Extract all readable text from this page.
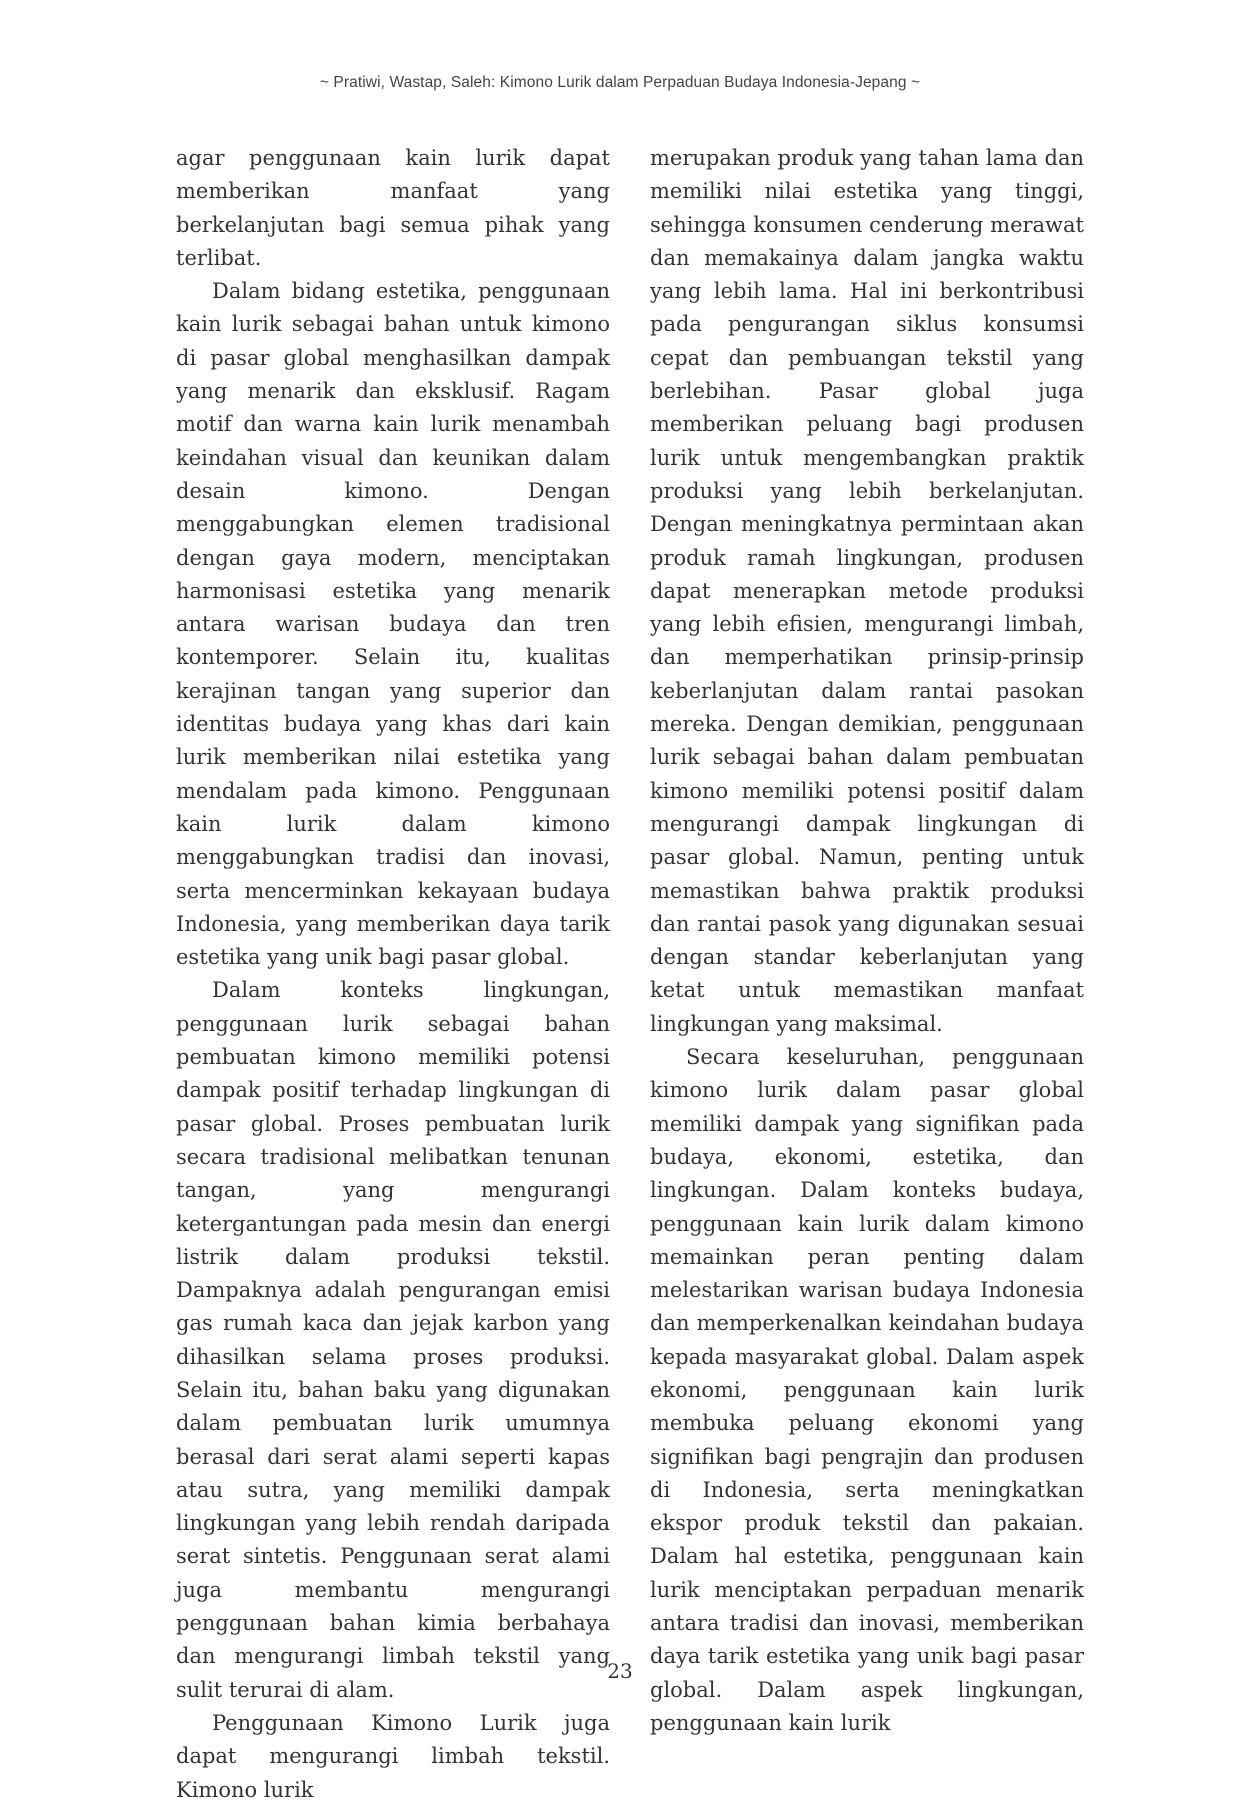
~ Pratiwi, Wastap, Saleh: Kimono Lurik dalam Perpaduan Budaya Indonesia-Jepang ~

agar penggunaan kain lurik dapat memberikan manfaat yang berkelanjutan bagi semua pihak yang terlibat.

Dalam bidang estetika, penggunaan kain lurik sebagai bahan untuk kimono di pasar global menghasilkan dampak yang menarik dan eksklusif. Ragam motif dan warna kain lurik menambah keindahan visual dan keunikan dalam desain kimono. Dengan menggabungkan elemen tradisional dengan gaya modern, menciptakan harmonisasi estetika yang menarik antara warisan budaya dan tren kontemporer. Selain itu, kualitas kerajinan tangan yang superior dan identitas budaya yang khas dari kain lurik memberikan nilai estetika yang mendalam pada kimono. Penggunaan kain lurik dalam kimono menggabungkan tradisi dan inovasi, serta mencerminkan kekayaan budaya Indonesia, yang memberikan daya tarik estetika yang unik bagi pasar global.

Dalam konteks lingkungan, penggunaan lurik sebagai bahan pembuatan kimono memiliki potensi dampak positif terhadap lingkungan di pasar global. Proses pembuatan lurik secara tradisional melibatkan tenunan tangan, yang mengurangi ketergantungan pada mesin dan energi listrik dalam produksi tekstil. Dampaknya adalah pengurangan emisi gas rumah kaca dan jejak karbon yang dihasilkan selama proses produksi. Selain itu, bahan baku yang digunakan dalam pembuatan lurik umumnya berasal dari serat alami seperti kapas atau sutra, yang memiliki dampak lingkungan yang lebih rendah daripada serat sintetis. Penggunaan serat alami juga membantu mengurangi penggunaan bahan kimia berbahaya dan mengurangi limbah tekstil yang sulit terurai di alam.

Penggunaan Kimono Lurik juga dapat mengurangi limbah tekstil. Kimono lurik

merupakan produk yang tahan lama dan memiliki nilai estetika yang tinggi, sehingga konsumen cenderung merawat dan memakainya dalam jangka waktu yang lebih lama. Hal ini berkontribusi pada pengurangan siklus konsumsi cepat dan pembuangan tekstil yang berlebihan. Pasar global juga memberikan peluang bagi produsen lurik untuk mengembangkan praktik produksi yang lebih berkelanjutan. Dengan meningkatnya permintaan akan produk ramah lingkungan, produsen dapat menerapkan metode produksi yang lebih efisien, mengurangi limbah, dan memperhatikan prinsip-prinsip keberlanjutan dalam rantai pasokan mereka. Dengan demikian, penggunaan lurik sebagai bahan dalam pembuatan kimono memiliki potensi positif dalam mengurangi dampak lingkungan di pasar global. Namun, penting untuk memastikan bahwa praktik produksi dan rantai pasok yang digunakan sesuai dengan standar keberlanjutan yang ketat untuk memastikan manfaat lingkungan yang maksimal.

Secara keseluruhan, penggunaan kimono lurik dalam pasar global memiliki dampak yang signifikan pada budaya, ekonomi, estetika, dan lingkungan. Dalam konteks budaya, penggunaan kain lurik dalam kimono memainkan peran penting dalam melestarikan warisan budaya Indonesia dan memperkenalkan keindahan budaya kepada masyarakat global. Dalam aspek ekonomi, penggunaan kain lurik membuka peluang ekonomi yang signifikan bagi pengrajin dan produsen di Indonesia, serta meningkatkan ekspor produk tekstil dan pakaian. Dalam hal estetika, penggunaan kain lurik menciptakan perpaduan menarik antara tradisi dan inovasi, memberikan daya tarik estetika yang unik bagi pasar global. Dalam aspek lingkungan, penggunaan kain lurik

23
